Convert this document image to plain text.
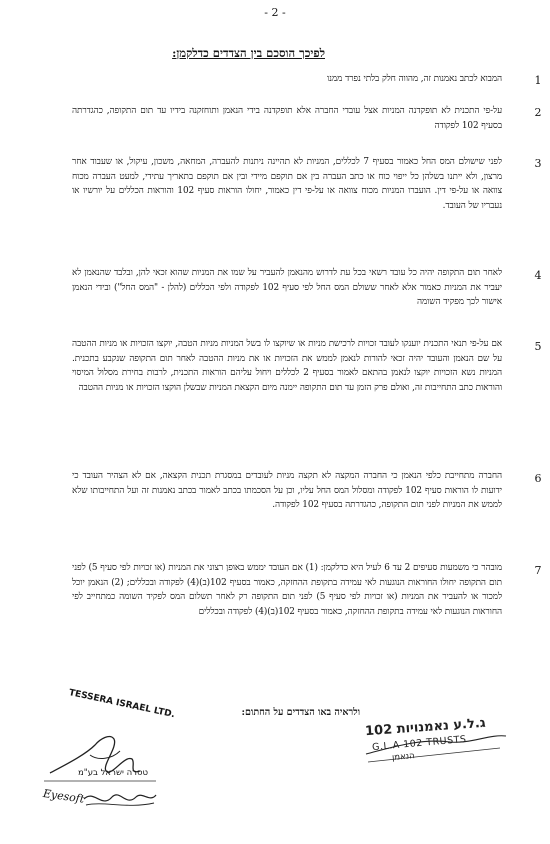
- 2 -
לפיכך הוסכם בין הצדדים כדלקמן:
1
המבוא לכתב נאמנות זה, מהווה חלק בלתי נפרד ממנו
2
על-פי התכנית לא תופקדנה המניות אצל עובדי החברה אלא תופקדנה בידי הנאמן ותוחזקנה בידיו עד תום התקופה, כהגדרתה בסעיף 102 לפקודה
3
לפני שישולם המס החל כאמור בסעיף 7 לכללים, המניות לא תהיינה ניתנות להעברה, המחאה, משכון, עיקול, או שעבוד אחר מרצון, ולא ייתנו בשלהן כל ייפוי כוח או כתב העברה בין אם תוקפם מיידי ובין אם תוקפם בתאריך עתידי, למעט העברה מכוח צוואה או על-פי דין. הועברו המניות מכוח צוואה או על-פי דין כאמור, יחולו הוראות סעיף 102 והוראות הכללים על יורשיו או נעבריו של העובד.
4
לאחר תום התקופה יהיה כל עובד רשאי בכל עת לדרוש מהנאמן להעביר על שמו את המניות שהוא זכאי להן, ובלבד שהנאמן לא יעביר את המניות כאמור אלא לאחר ששולם המס החל לפי סעיף 102 לפקודה ולפי הכללים (להלן - "המס החל") ובידי הנאמן אישור לכך מפקיד השומה
5
אם על-פי תנאי התכנית יוענקו לעובד זכויות לרכישת מניות או שיוקצו לו בשל המניות מניות הטבה, יוקצו הזכויות או מניות ההטבה על שם הנאמן והעובד יהיה זכאי להורות לנאמן לממש את הזכויות או את מניות ההטבה לאחר תום התקופה שנקבע בתכנית. המניות נשא הזכויות יוקצו לנאמן בהתאם לאמור בסעיף 2 לכללים ויחול עליהם הוראות התכנית, לרבות בחירת מסלול המיסוי והוראות כתב התחייבות זה, ואולם פרק הזמן עד תום התקופה יימנה מיום הקצאת המניות שבשלן הוקצו הזכויות או מניות ההטבה
6
החברה מתחייבת כלפי הנאמן כי החברה המקצה לא תקצה מניות לעובדים במסגרת תכנית הקצאה, אם לא הצהיר העובד כי ידועות לו הוראות סעיף 102 לפקודה ומסלול המס החל עליו, וכן על הסכמתו בכתב לאמור בכתב נאמנות זה ועל התחייבותו שלא לממש את המניות לפני תום התקופה, כהגדרתה בסעיף 102 לפקודה.
7
מובהר כי משמעות סעיפים 2 עד 6 לעיל היא כדלקמן: (1) אם העובד יממש באופן רצוני את המניות (או זכויות לפי סעיף 5) לפני תום התקופה יחולו החוראות הנוגעות לאי עמידה בתקופת ההחזקה, כאמור בסעיף 102(ב)(4) לפקודה ובכללים; (2) הנאמן יוכל למכור או להעביר את המניות (או זכויות לפי סעיף 5) לפני תום התקופה רק לאחר תשלום המס לפקיד השומה כמתחייב לפי החוראות הנוגעות לאי עמידה בתקופת ההחזקה, כאמור בסעיף 102(ב)(4) לפקודה ובכללים
ולראיה באו הצדדים על החתום:
TESSERA ISRAEL LTD.
טסרה ישראל בע"מ
Eyesoft
ג.ל.ע נאמנויות 102
G.L.A 102 TRUSTS
הנאמן
